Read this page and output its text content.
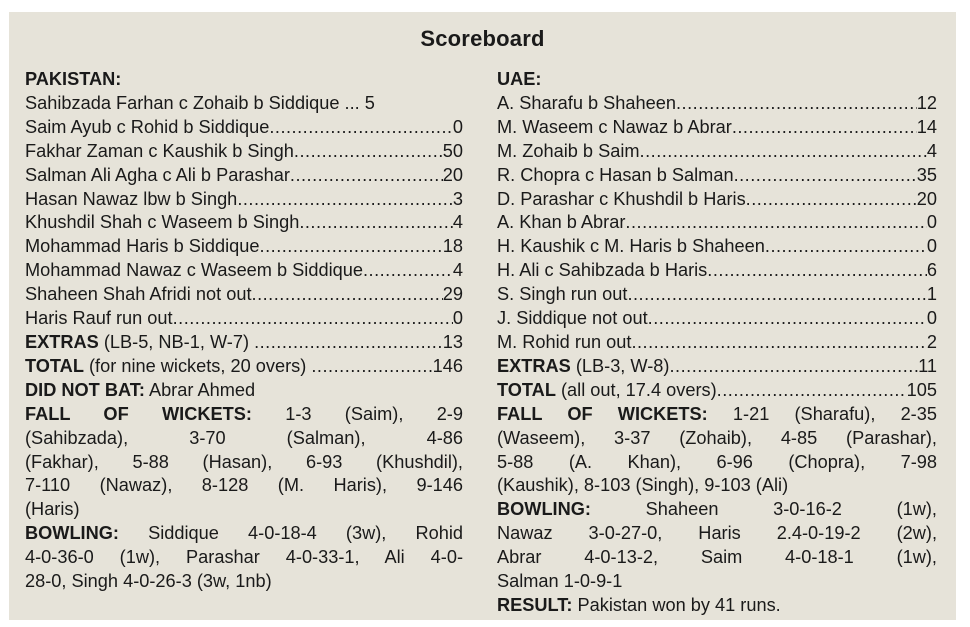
Scoreboard
PAKISTAN:
Sahibzada Farhan c Zohaib b Siddique ... 5
Saim Ayub c Rohid b Siddique .....	0
Fakhar Zaman c Kaushik b Singh .....	50
Salman Ali Agha c Ali b Parashar .....	20
Hasan Nawaz lbw b Singh .....	3
Khushdil Shah c Waseem b Singh .....	4
Mohammad Haris b Siddique .....	18
Mohammad Nawaz c Waseem b Siddique .....	4
Shaheen Shah Afridi not out .....	29
Haris Rauf run out .....	0
EXTRAS (LB-5, NB-1, W-7) .....	13
TOTAL (for nine wickets, 20 overs) .....	146
DID NOT BAT: Abrar Ahmed
FALL OF WICKETS: 1-3 (Saim), 2-9
(Sahibzada), 3-70 (Salman), 4-86
(Fakhar), 5-88 (Hasan), 6-93 (Khushdil),
7-110 (Nawaz), 8-128 (M. Haris), 9-146
(Haris)
BOWLING: Siddique 4-0-18-4 (3w), Rohid
4-0-36-0 (1w), Parashar 4-0-33-1, Ali 4-0-
28-0, Singh 4-0-26-3 (3w, 1nb)
UAE:
A. Sharafu b Shaheen .....	12
M. Waseem c Nawaz b Abrar .....	14
M. Zohaib b Saim .....	4
R. Chopra c Hasan b Salman .....	35
D. Parashar c Khushdil b Haris .....	20
A. Khan b Abrar .....	0
H. Kaushik c M. Haris b Shaheen .....	0
H. Ali c Sahibzada b Haris .....	6
S. Singh run out .....	1
J. Siddique not out .....	0
M. Rohid run out .....	2
EXTRAS (LB-3, W-8) .....	11
TOTAL (all out, 17.4 overs) .....	105
FALL OF WICKETS: 1-21 (Sharafu), 2-35
(Waseem), 3-37 (Zohaib), 4-85 (Parashar),
5-88 (A. Khan), 6-96 (Chopra), 7-98
(Kaushik), 8-103 (Singh), 9-103 (Ali)
BOWLING: Shaheen 3-0-16-2 (1w),
Nawaz 3-0-27-0, Haris 2.4-0-19-2 (2w),
Abrar 4-0-13-2, Saim 4-0-18-1 (1w),
Salman 1-0-9-1
RESULT: Pakistan won by 41 runs.
